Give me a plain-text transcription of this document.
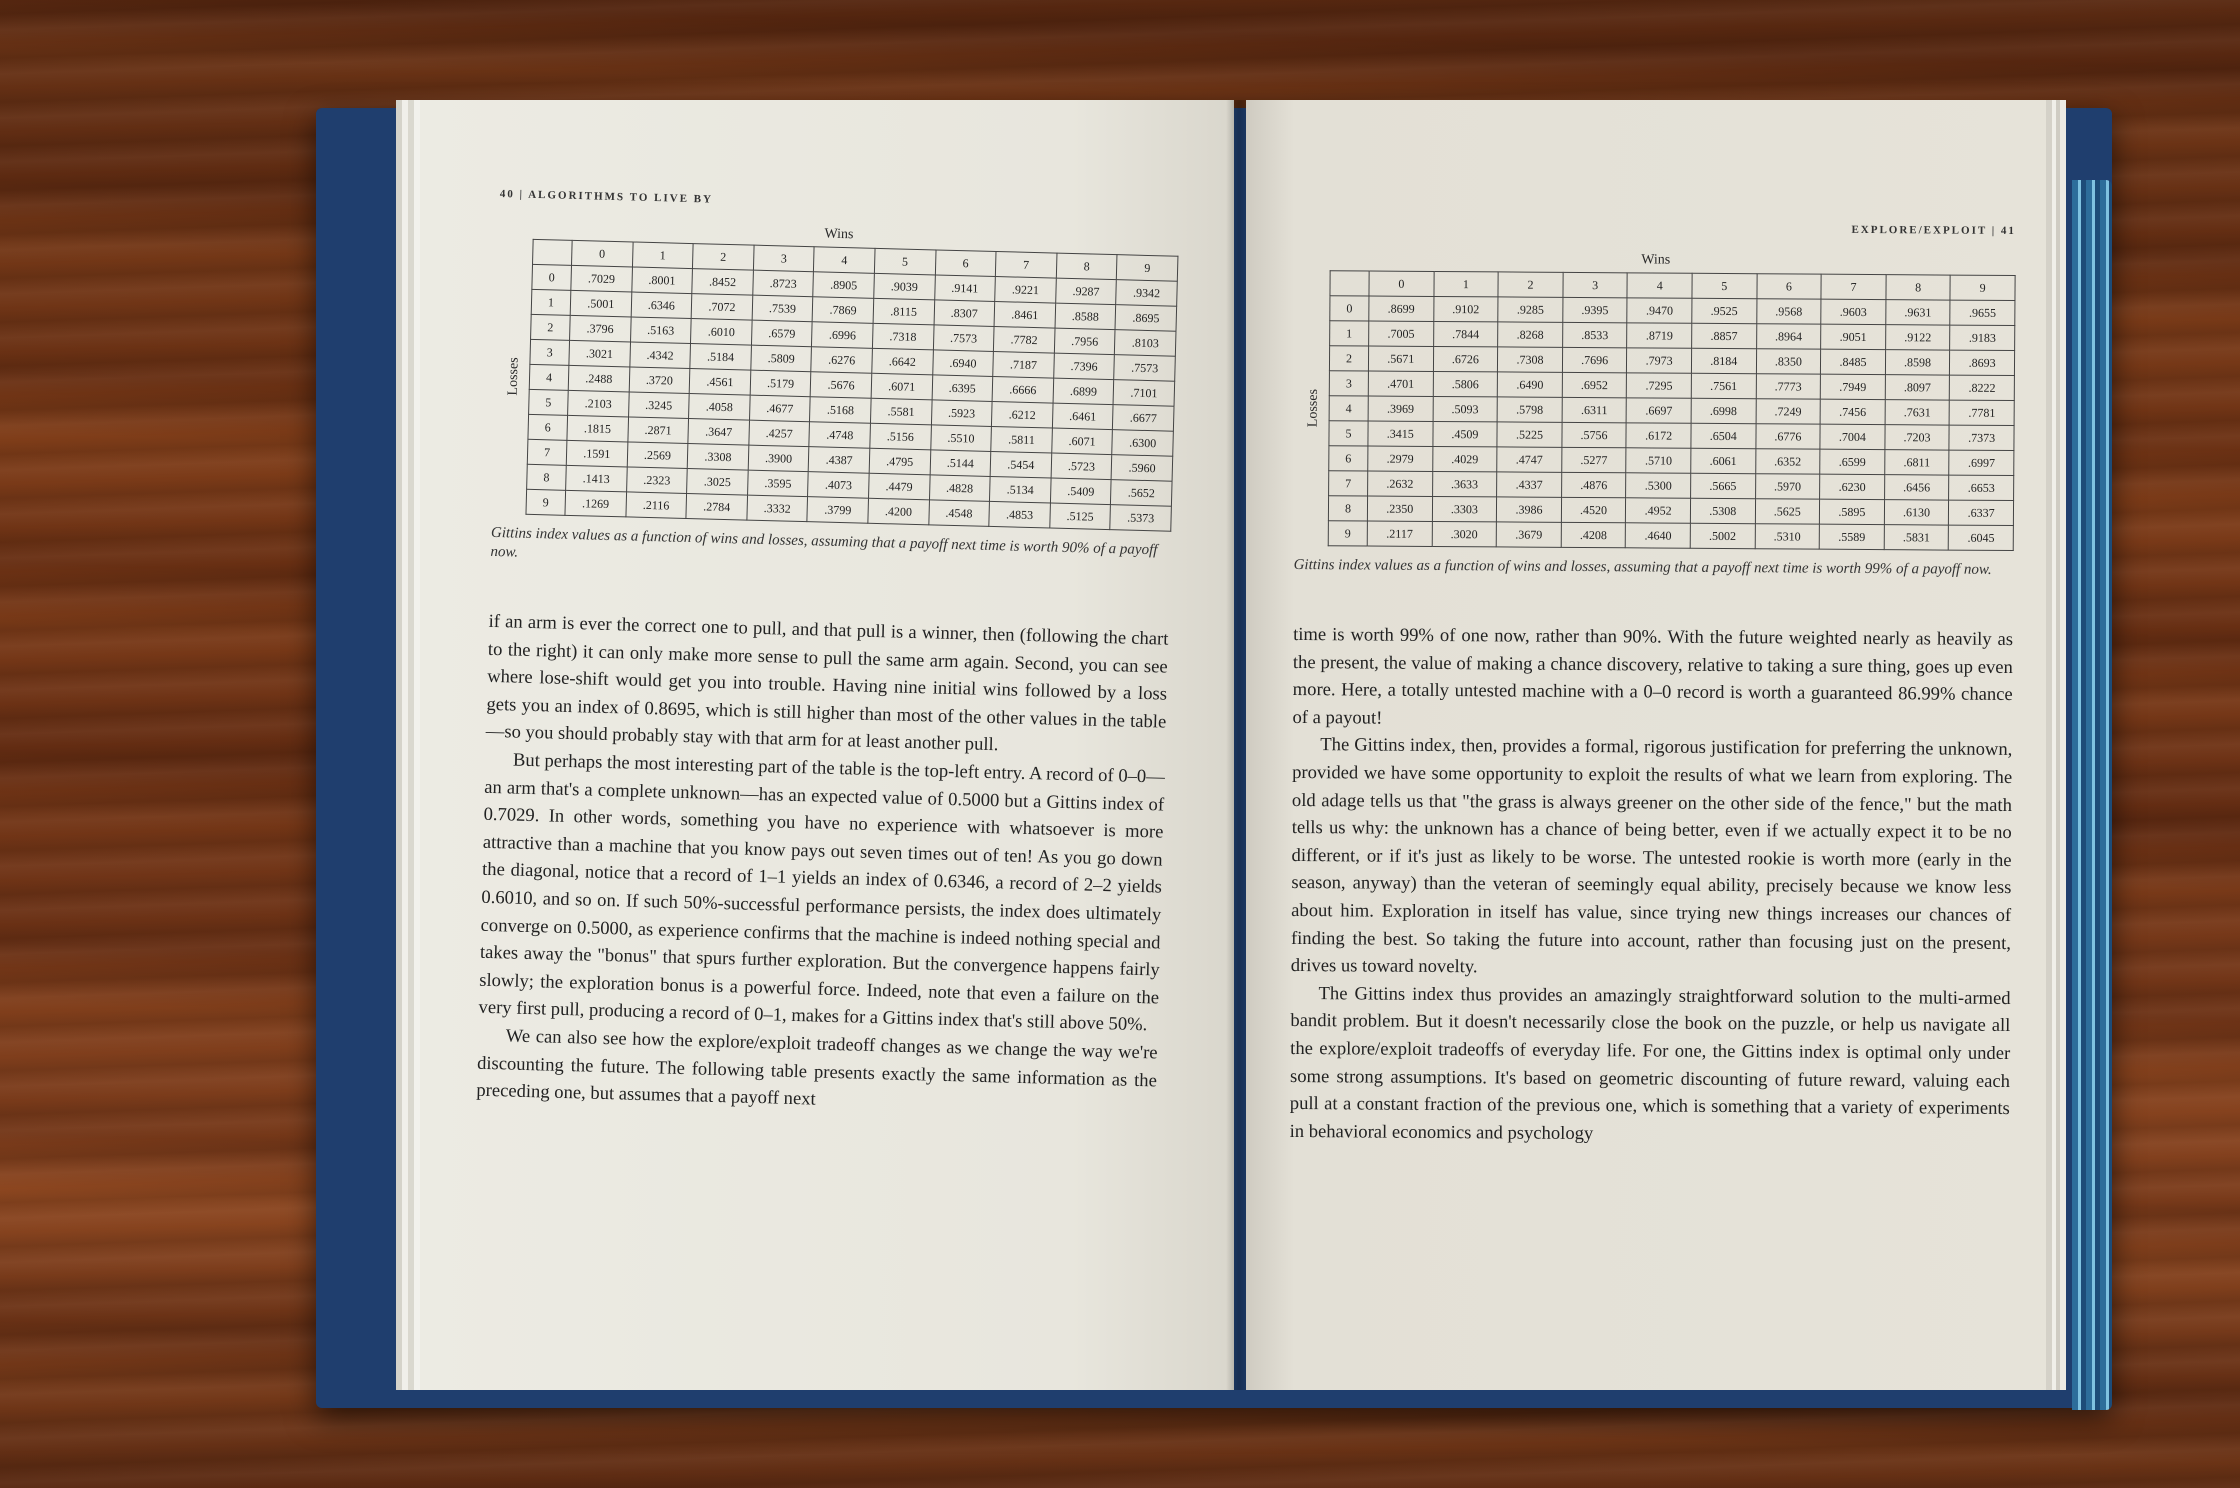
40 | ALGORITHMS TO LIVE BY
Wins
Losses
	0	1	2	3	4	5	6	7	8	9
0	.7029	.8001	.8452	.8723	.8905	.9039	.9141	.9221	.9287	.9342
1	.5001	.6346	.7072	.7539	.7869	.8115	.8307	.8461	.8588	.8695
2	.3796	.5163	.6010	.6579	.6996	.7318	.7573	.7782	.7956	.8103
3	.3021	.4342	.5184	.5809	.6276	.6642	.6940	.7187	.7396	.7573
4	.2488	.3720	.4561	.5179	.5676	.6071	.6395	.6666	.6899	.7101
5	.2103	.3245	.4058	.4677	.5168	.5581	.5923	.6212	.6461	.6677
6	.1815	.2871	.3647	.4257	.4748	.5156	.5510	.5811	.6071	.6300
7	.1591	.2569	.3308	.3900	.4387	.4795	.5144	.5454	.5723	.5960
8	.1413	.2323	.3025	.3595	.4073	.4479	.4828	.5134	.5409	.5652
9	.1269	.2116	.2784	.3332	.3799	.4200	.4548	.4853	.5125	.5373
Gittins index values as a function of wins and losses, assuming that a payoff next time is worth 90% of a payoff now.

if an arm is ever the correct one to pull, and that pull is a winner, then (following the chart to the right) it can only make more sense to pull the same arm again. Second, you can see where lose-shift would get you into trouble. Having nine initial wins followed by a loss gets you an index of 0.8695, which is still higher than most of the other values in the table—so you should probably stay with that arm for at least another pull.

But perhaps the most interesting part of the table is the top-left entry. A record of 0–0—an arm that's a complete unknown—has an expected value of 0.5000 but a Gittins index of 0.7029. In other words, something you have no experience with whatsoever is more attractive than a machine that you know pays out seven times out of ten! As you go down the diagonal, notice that a record of 1–1 yields an index of 0.6346, a record of 2–2 yields 0.6010, and so on. If such 50%-successful performance persists, the index does ultimately converge on 0.5000, as experience confirms that the machine is indeed nothing special and takes away the "bonus" that spurs further exploration. But the convergence happens fairly slowly; the exploration bonus is a powerful force. Indeed, note that even a failure on the very first pull, producing a record of 0–1, makes for a Gittins index that's still above 50%.

We can also see how the explore/exploit tradeoff changes as we change the way we're discounting the future. The following table presents exactly the same information as the preceding one, but assumes that a payoff next

EXPLORE/EXPLOIT | 41
Wins
Losses
	0	1	2	3	4	5	6	7	8	9
0	.8699	.9102	.9285	.9395	.9470	.9525	.9568	.9603	.9631	.9655
1	.7005	.7844	.8268	.8533	.8719	.8857	.8964	.9051	.9122	.9183
2	.5671	.6726	.7308	.7696	.7973	.8184	.8350	.8485	.8598	.8693
3	.4701	.5806	.6490	.6952	.7295	.7561	.7773	.7949	.8097	.8222
4	.3969	.5093	.5798	.6311	.6697	.6998	.7249	.7456	.7631	.7781
5	.3415	.4509	.5225	.5756	.6172	.6504	.6776	.7004	.7203	.7373
6	.2979	.4029	.4747	.5277	.5710	.6061	.6352	.6599	.6811	.6997
7	.2632	.3633	.4337	.4876	.5300	.5665	.5970	.6230	.6456	.6653
8	.2350	.3303	.3986	.4520	.4952	.5308	.5625	.5895	.6130	.6337
9	.2117	.3020	.3679	.4208	.4640	.5002	.5310	.5589	.5831	.6045
Gittins index values as a function of wins and losses, assuming that a payoff next time is worth 99% of a payoff now.

time is worth 99% of one now, rather than 90%. With the future weighted nearly as heavily as the present, the value of making a chance discovery, relative to taking a sure thing, goes up even more. Here, a totally untested machine with a 0–0 record is worth a guaranteed 86.99% chance of a payout!

The Gittins index, then, provides a formal, rigorous justification for preferring the unknown, provided we have some opportunity to exploit the results of what we learn from exploring. The old adage tells us that "the grass is always greener on the other side of the fence," but the math tells us why: the unknown has a chance of being better, even if we actually expect it to be no different, or if it's just as likely to be worse. The untested rookie is worth more (early in the season, anyway) than the veteran of seemingly equal ability, precisely because we know less about him. Exploration in itself has value, since trying new things increases our chances of finding the best. So taking the future into account, rather than focusing just on the present, drives us toward novelty.

The Gittins index thus provides an amazingly straightforward solution to the multi-armed bandit problem. But it doesn't necessarily close the book on the puzzle, or help us navigate all the explore/exploit tradeoffs of everyday life. For one, the Gittins index is optimal only under some strong assumptions. It's based on geometric discounting of future reward, valuing each pull at a constant fraction of the previous one, which is something that a variety of experiments in behavioral economics and psychology
